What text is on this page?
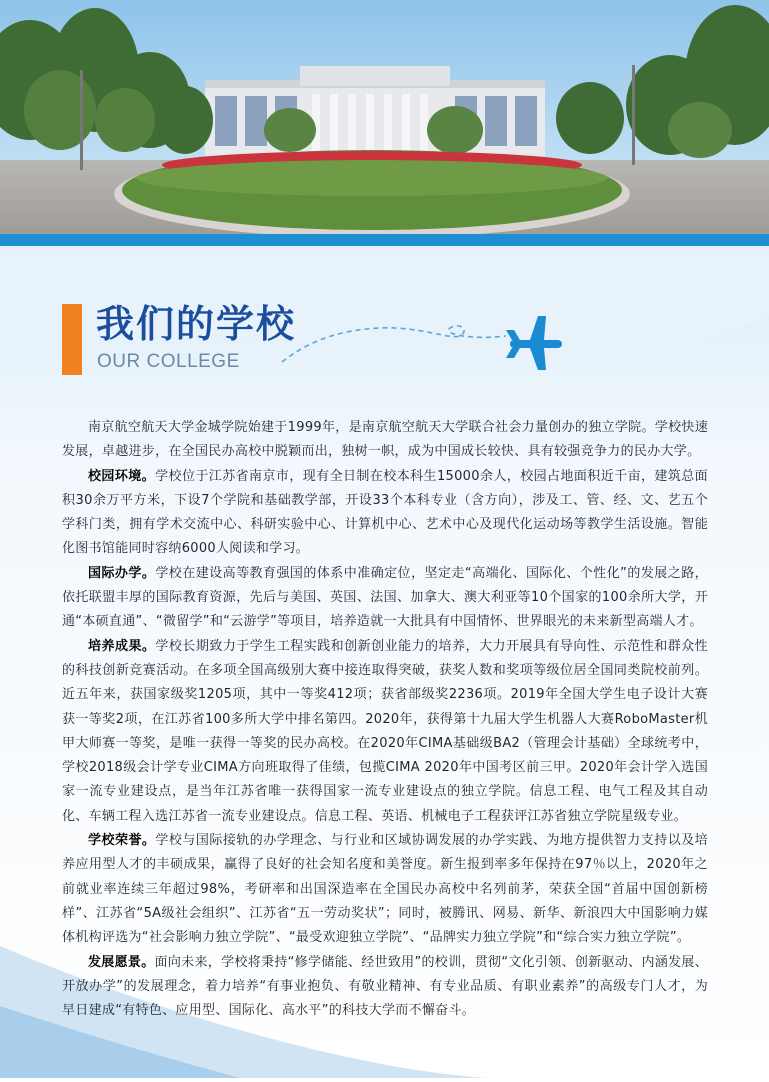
我们的学校
OUR COLLEGE

南京航空航天大学金城学院始建于1999年，是南京航空航天大学联合社会力量创办的独立学院。学校快速发展，卓越进步，在全国民办高校中脱颖而出，独树一帜，成为中国成长较快、具有较强竞争力的民办大学。

校园环境。学校位于江苏省南京市，现有全日制在校本科生15000余人，校园占地面积近千亩，建筑总面积30余万平方米，下设7个学院和基础教学部，开设33个本科专业（含方向），涉及工、管、经、文、艺五个学科门类，拥有学术交流中心、科研实验中心、计算机中心、艺术中心及现代化运动场等教学生活设施。智能化图书馆能同时容纳6000人阅读和学习。

国际办学。学校在建设高等教育强国的体系中准确定位，坚定走“高端化、国际化、个性化”的发展之路，依托联盟丰厚的国际教育资源，先后与美国、英国、法国、加拿大、澳大利亚等10个国家的100余所大学，开通“本硕直通”、“微留学”和“云游学”等项目，培养造就一大批具有中国情怀、世界眼光的未来新型高端人才。

培养成果。学校长期致力于学生工程实践和创新创业能力的培养，大力开展具有导向性、示范性和群众性的科技创新竞赛活动。在多项全国高级别大赛中接连取得突破，获奖人数和奖项等级位居全国同类院校前列。近五年来，获国家级奖1205项，其中一等奖412项；获省部级奖2236项。2019年全国大学生电子设计大赛获一等奖2项，在江苏省100多所大学中排名第四。2020年，获得第十九届大学生机器人大赛RoboMaster机甲大师赛一等奖，是唯一获得一等奖的民办高校。在2020年CIMA基础级BA2（管理会计基础）全球统考中，学校2018级会计学专业CIMA方向班取得了佳绩，包揽CIMA 2020年中国考区前三甲。2020年会计学入选国家一流专业建设点，是当年江苏省唯一获得国家一流专业建设点的独立学院。信息工程、电气工程及其自动化、车辆工程入选江苏省一流专业建设点。信息工程、英语、机械电子工程获评江苏省独立学院星级专业。

学校荣誉。学校与国际接轨的办学理念、与行业和区域协调发展的办学实践、为地方提供智力支持以及培养应用型人才的丰硕成果，赢得了良好的社会知名度和美誉度。新生报到率多年保持在97％以上，2020年之前就业率连续三年超过98%，考研率和出国深造率在全国民办高校中名列前茅，荣获全国“首届中国创新榜样”、江苏省“5A级社会组织”、江苏省“五一劳动奖状”；同时，被腾讯、网易、新华、新浪四大中国影响力媒体机构评选为“社会影响力独立学院”、“最受欢迎独立学院”、“品牌实力独立学院”和“综合实力独立学院”。

发展愿景。面向未来，学校将秉持“修学储能、经世致用”的校训，贯彻“文化引领、创新驱动、内涵发展、开放办学”的发展理念，着力培养“有事业抱负、有敬业精神、有专业品质、有职业素养”的高级专门人才，为早日建成“有特色、应用型、国际化、高水平”的科技大学而不懈奋斗。
